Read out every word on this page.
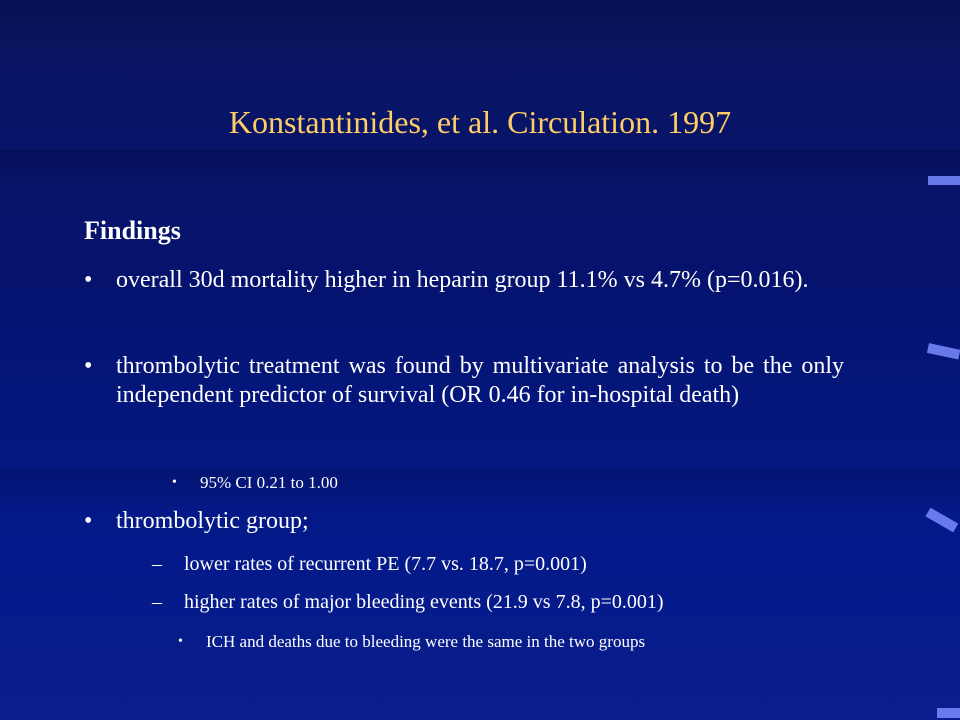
Konstantinides, et al. Circulation. 1997
Findings
• overall 30d mortality higher in heparin group 11.1% vs 4.7% (p=0.016).
• thrombolytic treatment was found by multivariate analysis to be the only independent predictor of survival (OR 0.46 for in-hospital death)
• 95% CI 0.21 to 1.00
• thrombolytic group;
– lower rates of recurrent PE (7.7 vs. 18.7, p=0.001)
– higher rates of major bleeding events (21.9 vs 7.8, p=0.001)
• ICH and deaths due to bleeding were the same in the two groups
